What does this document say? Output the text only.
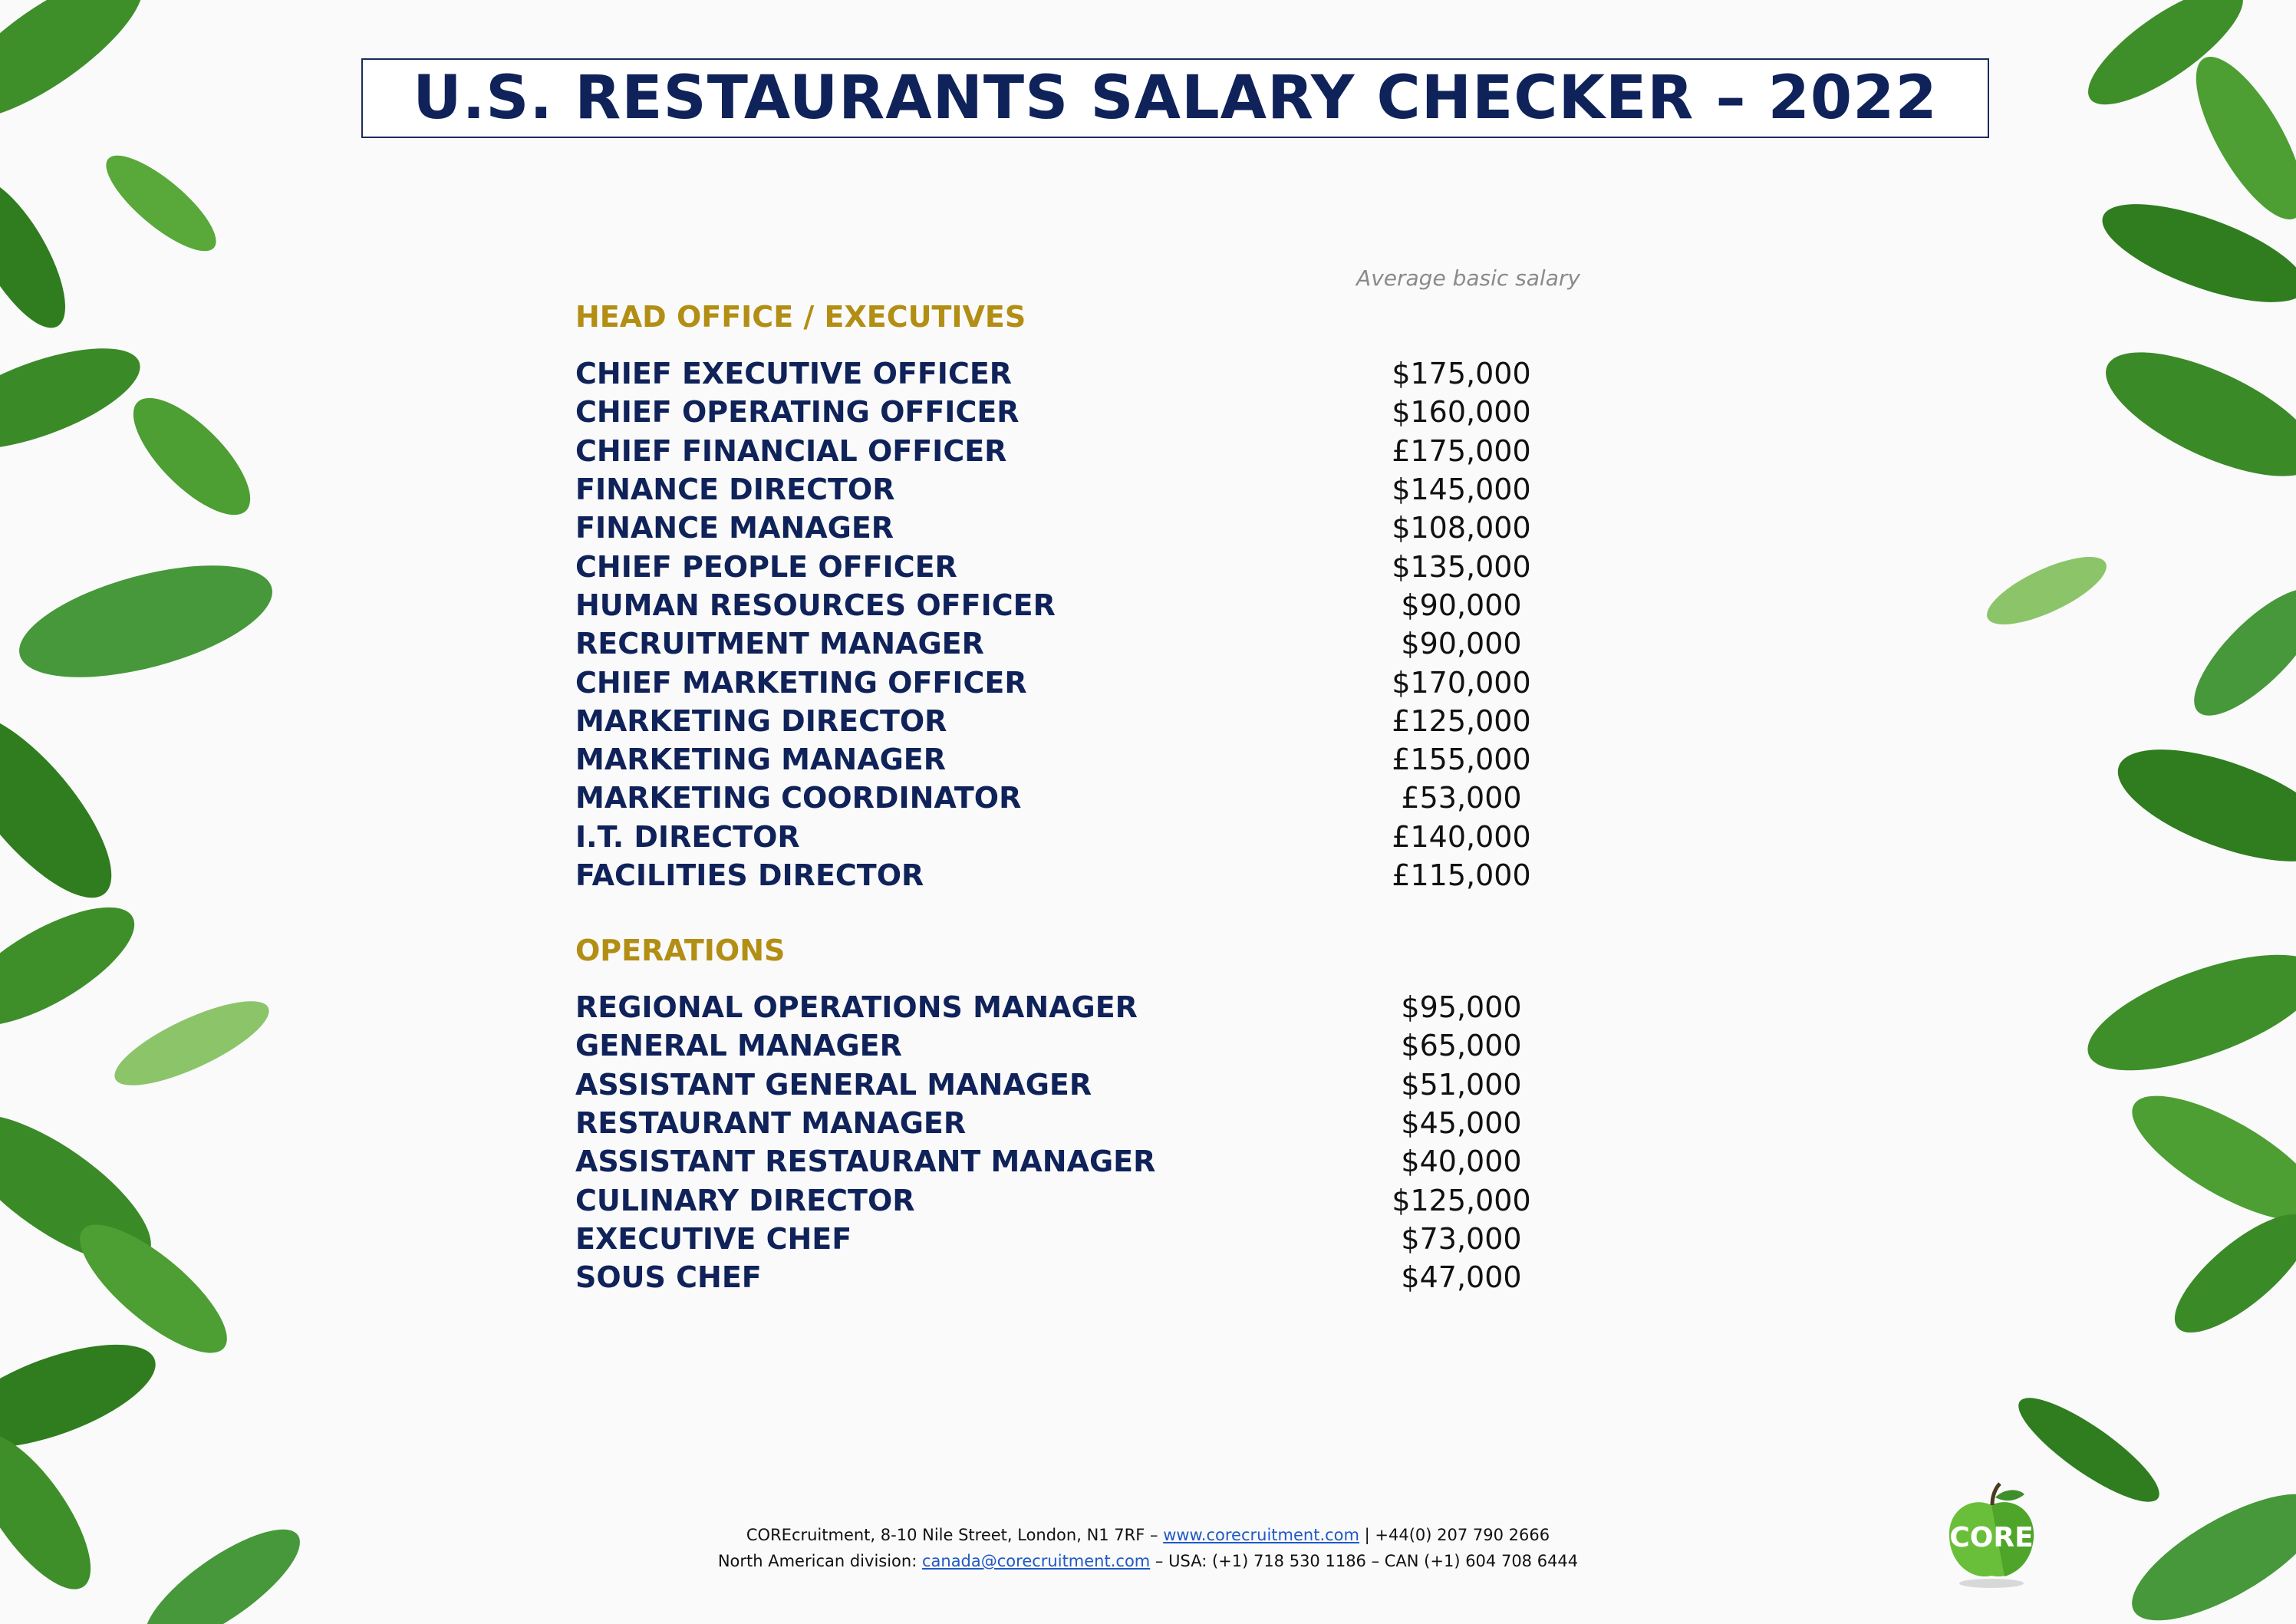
U.S. RESTAURANTS SALARY CHECKER – 2022
Average basic salary
HEAD OFFICE / EXECUTIVES
CHIEF EXECUTIVE OFFICER	$175,000
CHIEF OPERATING OFFICER	$160,000
CHIEF FINANCIAL OFFICER	£175,000
FINANCE DIRECTOR	$145,000
FINANCE MANAGER	$108,000
CHIEF PEOPLE OFFICER	$135,000
HUMAN RESOURCES OFFICER	$90,000
RECRUITMENT MANAGER	$90,000
CHIEF MARKETING OFFICER	$170,000
MARKETING DIRECTOR	£125,000
MARKETING MANAGER	£155,000
MARKETING COORDINATOR	£53,000
I.T. DIRECTOR	£140,000
FACILITIES DIRECTOR	£115,000
OPERATIONS
REGIONAL OPERATIONS MANAGER	$95,000
GENERAL MANAGER	$65,000
ASSISTANT GENERAL MANAGER	$51,000
RESTAURANT MANAGER	$45,000
ASSISTANT RESTAURANT MANAGER	$40,000
CULINARY DIRECTOR	$125,000
EXECUTIVE CHEF	$73,000
SOUS CHEF	$47,000
COREcruitment, 8-10 Nile Street, London, N1 7RF – www.corecruitment.com | +44(0) 207 790 2666
North American division: canada@corecruitment.com – USA: (+1) 718 530 1186 – CAN (+1) 604 708 6444
CORE
